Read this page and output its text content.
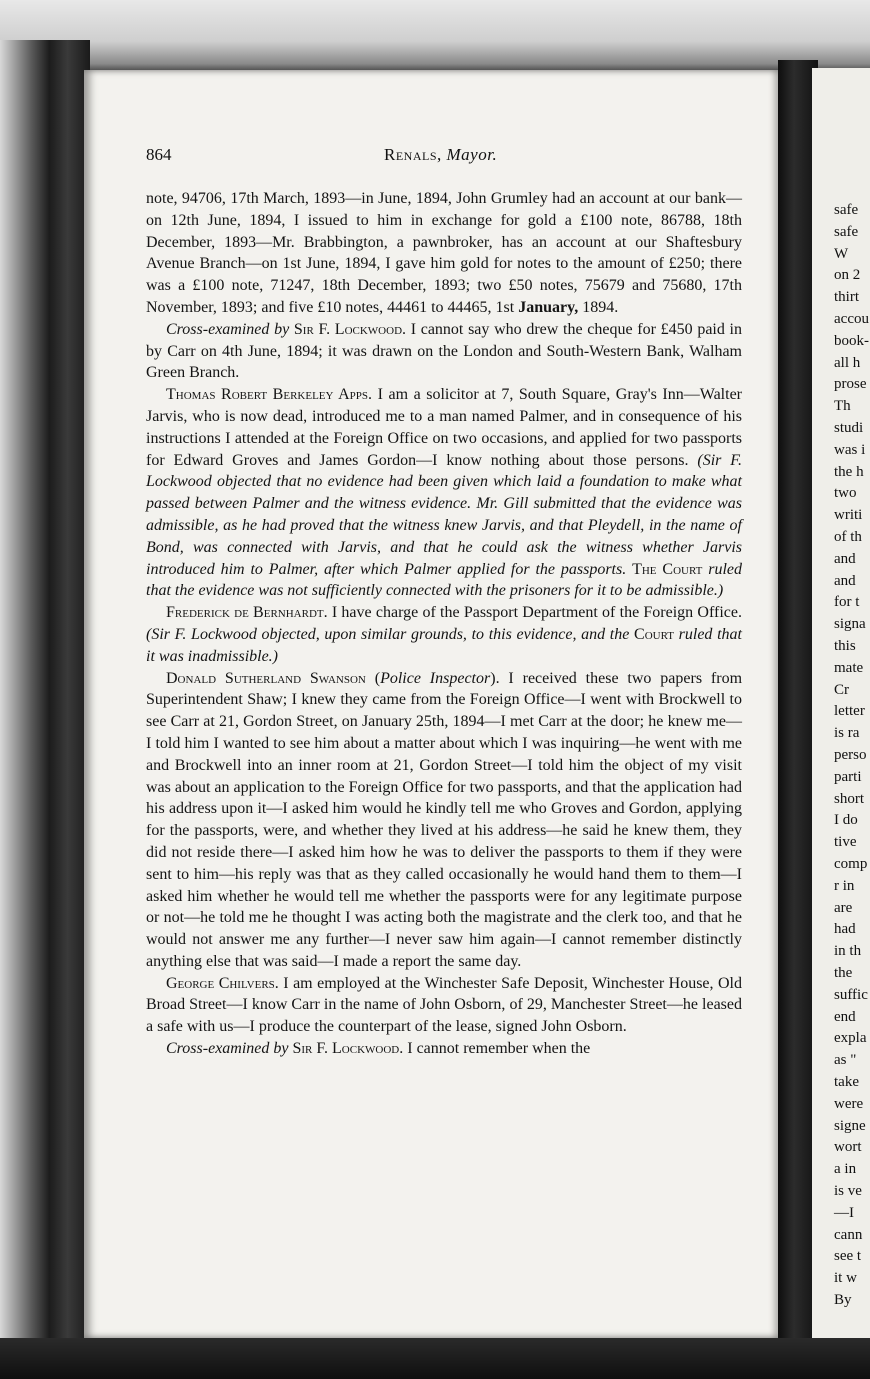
safe
safe
W
on 2
thirt
accou
book-
all h
prose
Th
studi
was i
the h
two
writi
of th
and
and
for t
signa
this
mate
Cr
letter
is ra
perso
parti
short
I do
tive
comp
r in
are
had
in th
the
suffic
end
expla
as "
take
were
signe
wort
a in
is ve
—I
cann
see t
it w
By
864	Renals, Mayor.

note, 94706, 17th March, 1893—in June, 1894, John Grumley had an account at our bank—on 12th June, 1894, I issued to him in exchange for gold a £100 note, 86788, 18th December, 1893—Mr. Brabbington, a pawnbroker, has an account at our Shaftesbury Avenue Branch—on 1st June, 1894, I gave him gold for notes to the amount of £250; there was a £100 note, 71247, 18th December, 1893; two £50 notes, 75679 and 75680, 17th November, 1893; and five £10 notes, 44461 to 44465, 1st January, 1894.

Cross-examined by Sir F. Lockwood. I cannot say who drew the cheque for £450 paid in by Carr on 4th June, 1894; it was drawn on the London and South-Western Bank, Walham Green Branch.

Thomas Robert Berkeley Apps. I am a solicitor at 7, South Square, Gray's Inn—Walter Jarvis, who is now dead, introduced me to a man named Palmer, and in consequence of his instructions I attended at the Foreign Office on two occasions, and applied for two passports for Edward Groves and James Gordon—I know nothing about those persons. (Sir F. Lockwood objected that no evidence had been given which laid a foundation to make what passed between Palmer and the witness evidence. Mr. Gill submitted that the evidence was admissible, as he had proved that the witness knew Jarvis, and that Pleydell, in the name of Bond, was connected with Jarvis, and that he could ask the witness whether Jarvis introduced him to Palmer, after which Palmer applied for the passports. The Court ruled that the evidence was not sufficiently connected with the prisoners for it to be admissible.)

Frederick de Bernhardt. I have charge of the Passport Department of the Foreign Office. (Sir F. Lockwood objected, upon similar grounds, to this evidence, and the Court ruled that it was inadmissible.)

Donald Sutherland Swanson (Police Inspector). I received these two papers from Superintendent Shaw; I knew they came from the Foreign Office—I went with Brockwell to see Carr at 21, Gordon Street, on January 25th, 1894—I met Carr at the door; he knew me—I told him I wanted to see him about a matter about which I was inquiring—he went with me and Brockwell into an inner room at 21, Gordon Street—I told him the object of my visit was about an application to the Foreign Office for two passports, and that the application had his address upon it—I asked him would he kindly tell me who Groves and Gordon, applying for the passports, were, and whether they lived at his address—he said he knew them, they did not reside there—I asked him how he was to deliver the passports to them if they were sent to him—his reply was that as they called occasionally he would hand them to them—I asked him whether he would tell me whether the passports were for any legitimate purpose or not—he told me he thought I was acting both the magistrate and the clerk too, and that he would not answer me any further—I never saw him again—I cannot remember distinctly anything else that was said—I made a report the same day.

George Chilvers. I am employed at the Winchester Safe Deposit, Winchester House, Old Broad Street—I know Carr in the name of John Osborn, of 29, Manchester Street—he leased a safe with us—I produce the counterpart of the lease, signed John Osborn.

Cross-examined by Sir F. Lockwood. I cannot remember when the
